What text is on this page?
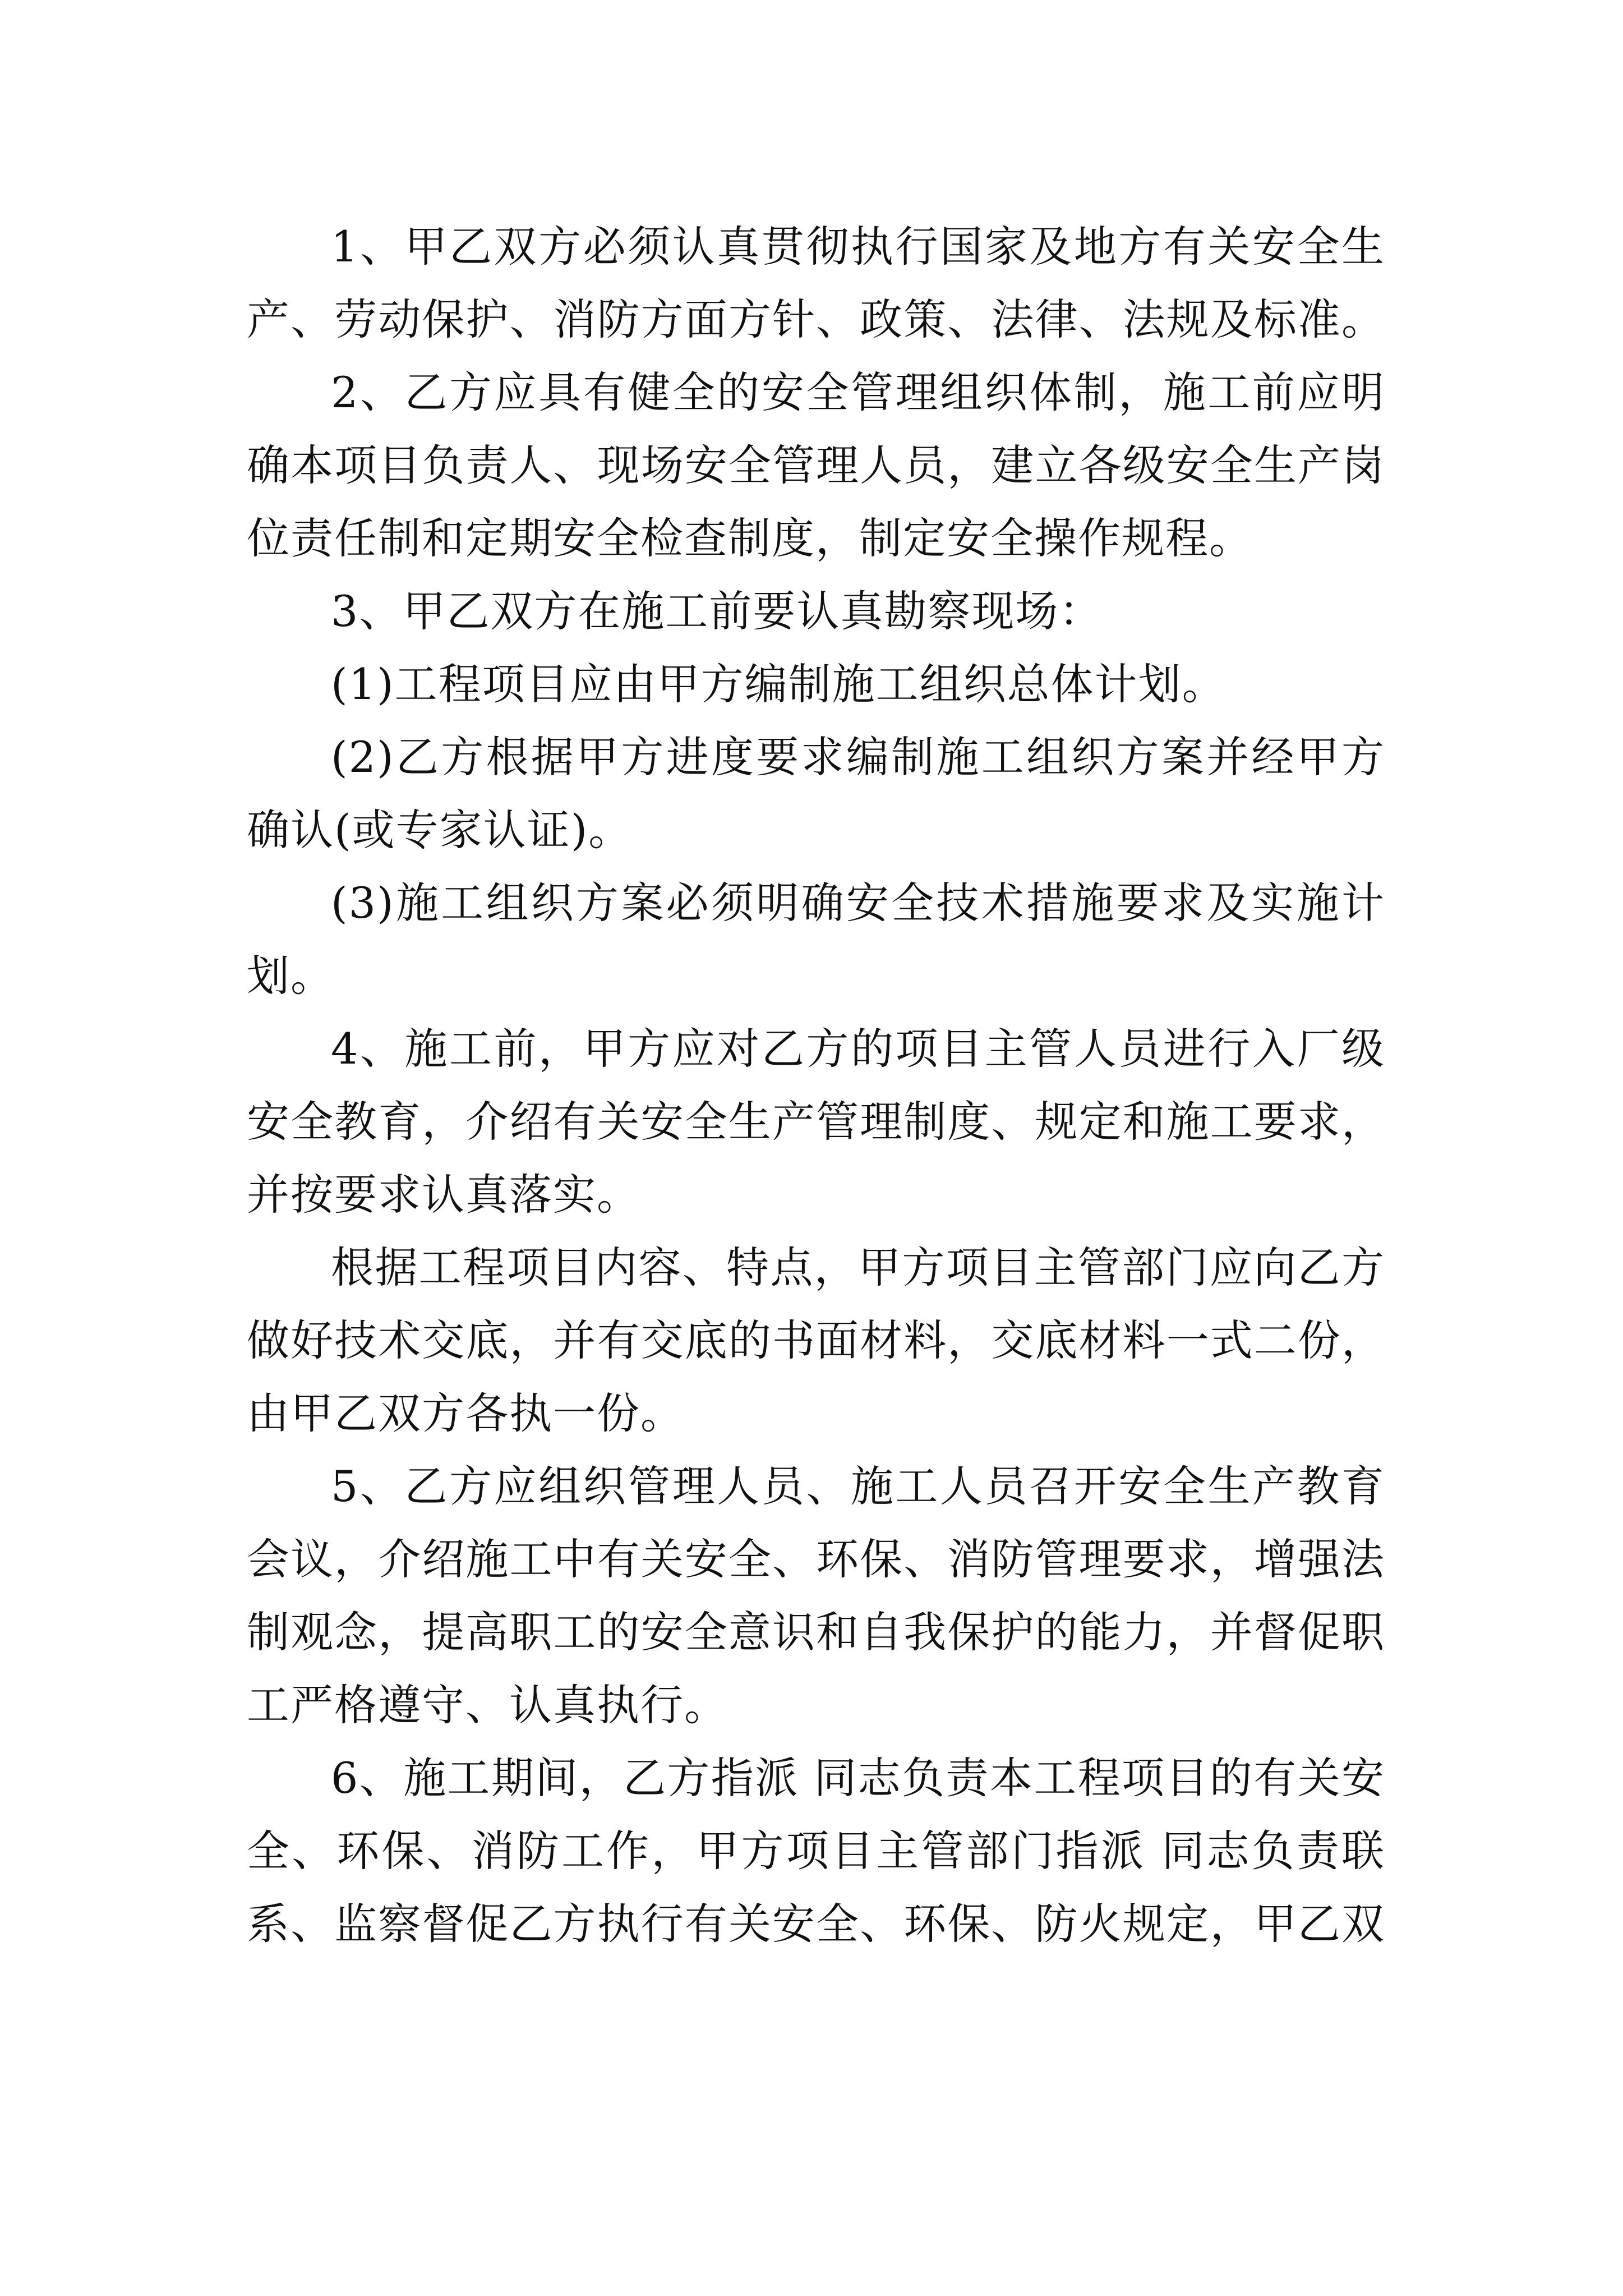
1、甲乙双方必须认真贯彻执行国家及地方有关安全生
产、劳动保护、消防方面方针、政策、法律、法规及标准。
2、乙方应具有健全的安全管理组织体制，施工前应明
确本项目负责人、现场安全管理人员，建立各级安全生产岗
位责任制和定期安全检查制度，制定安全操作规程。
3、甲乙双方在施工前要认真勘察现场：
(1)工程项目应由甲方编制施工组织总体计划。
(2)乙方根据甲方进度要求编制施工组织方案并经甲方
确认(或专家认证)。
(3)施工组织方案必须明确安全技术措施要求及实施计
划。
4、施工前，甲方应对乙方的项目主管人员进行入厂级
安全教育，介绍有关安全生产管理制度、规定和施工要求，
并按要求认真落实。
根据工程项目内容、特点，甲方项目主管部门应向乙方
做好技术交底，并有交底的书面材料，交底材料一式二份，
由甲乙双方各执一份。
5、乙方应组织管理人员、施工人员召开安全生产教育
会议，介绍施工中有关安全、环保、消防管理要求，增强法
制观念，提高职工的安全意识和自我保护的能力，并督促职
工严格遵守、认真执行。
6、施工期间，乙方指派 同志负责本工程项目的有关安
全、环保、消防工作，甲方项目主管部门指派 同志负责联
系、监察督促乙方执行有关安全、环保、防火规定，甲乙双
